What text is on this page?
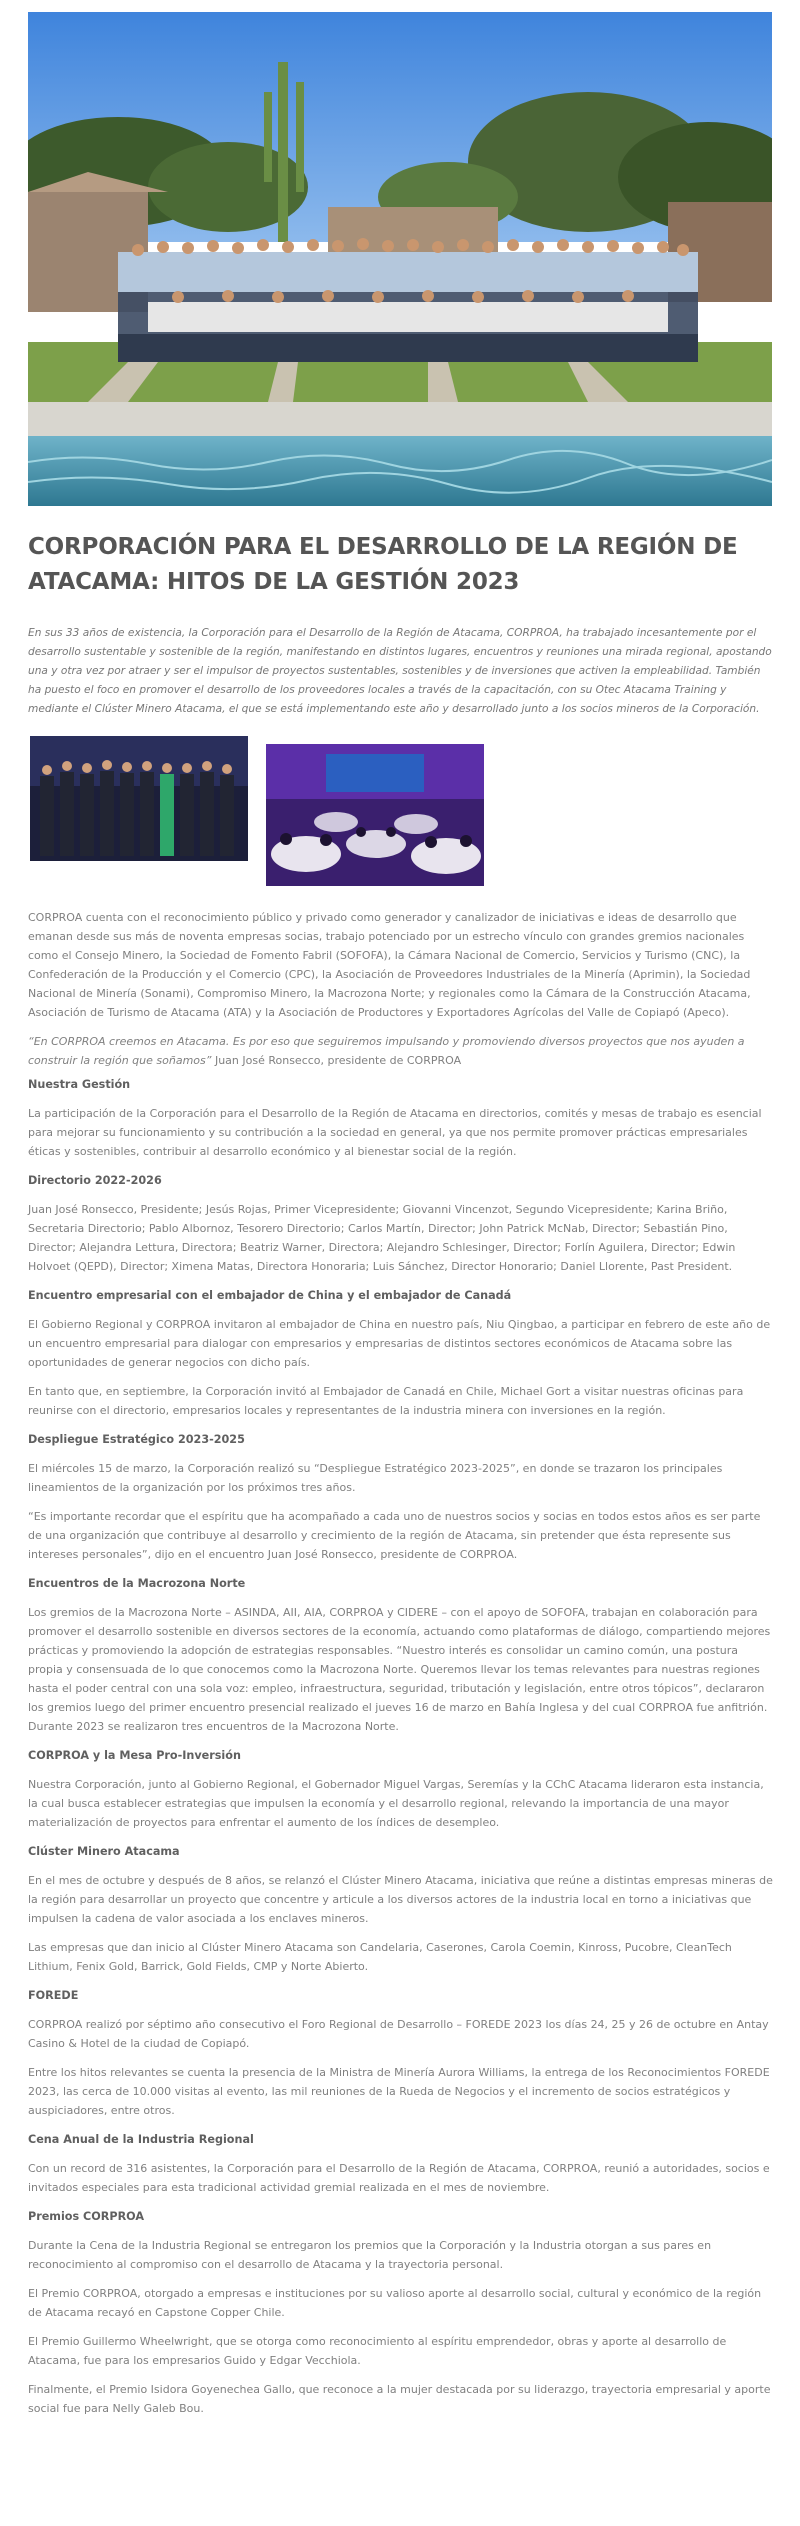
CORPORACIÓN PARA EL DESARROLLO DE LA REGIÓN DE ATACAMA: HITOS DE LA GESTIÓN 2023

En sus 33 años de existencia, la Corporación para el Desarrollo de la Región de Atacama, CORPROA, ha trabajado incesantemente por el desarrollo sustentable y sostenible de la región, manifestando en distintos lugares, encuentros y reuniones una mirada regional, apostando una y otra vez por atraer y ser el impulsor de proyectos sustentables, sostenibles y de inversiones que activen la empleabilidad. También ha puesto el foco en promover el desarrollo de los proveedores locales a través de la capacitación, con su Otec Atacama Training y mediante el Clúster Minero Atacama, el que se está implementando este año y desarrollado junto a los socios mineros de la Corporación.

CORPROA cuenta con el reconocimiento público y privado como generador y canalizador de iniciativas e ideas de desarrollo que emanan desde sus más de noventa empresas socias, trabajo potenciado por un estrecho vínculo con grandes gremios nacionales como el Consejo Minero, la Sociedad de Fomento Fabril (SOFOFA), la Cámara Nacional de Comercio, Servicios y Turismo (CNC), la Confederación de la Producción y el Comercio (CPC), la Asociación de Proveedores Industriales de la Minería (Aprimin), la Sociedad Nacional de Minería (Sonami), Compromiso Minero, la Macrozona Norte; y regionales como la Cámara de la Construcción Atacama, Asociación de Turismo de Atacama (ATA) y la Asociación de Productores y Exportadores Agrícolas del Valle de Copiapó (Apeco).

“En CORPROA creemos en Atacama. Es por eso que seguiremos impulsando y promoviendo diversos proyectos que nos ayuden a construir la región que soñamos” Juan José Ronsecco, presidente de CORPROA

Nuestra Gestión

La participación de la Corporación para el Desarrollo de la Región de Atacama en directorios, comités y mesas de trabajo es esencial para mejorar su funcionamiento y su contribución a la sociedad en general, ya que nos permite promover prácticas empresariales éticas y sostenibles, contribuir al desarrollo económico y al bienestar social de la región.

Directorio 2022-2026

Juan José Ronsecco, Presidente; Jesús Rojas, Primer Vicepresidente; Giovanni Vincenzot, Segundo Vicepresidente; Karina Briño, Secretaria Directorio; Pablo Albornoz, Tesorero Directorio; Carlos Martín, Director; John Patrick McNab, Director; Sebastián Pino, Director; Alejandra Lettura, Directora; Beatriz Warner, Directora; Alejandro Schlesinger, Director; Forlín Aguilera, Director; Edwin Holvoet (QEPD), Director; Ximena Matas, Directora Honoraria; Luis Sánchez, Director Honorario; Daniel Llorente, Past President.

Encuentro empresarial con el embajador de China y el embajador de Canadá

El Gobierno Regional y CORPROA invitaron al embajador de China en nuestro país, Niu Qingbao, a participar en febrero de este año de un encuentro empresarial para dialogar con empresarios y empresarias de distintos sectores económicos de Atacama sobre las oportunidades de generar negocios con dicho país.

En tanto que, en septiembre, la Corporación invitó al Embajador de Canadá en Chile, Michael Gort a visitar nuestras oficinas para reunirse con el directorio, empresarios locales y representantes de la industria minera con inversiones en la región.

Despliegue Estratégico 2023-2025

El miércoles 15 de marzo, la Corporación realizó su “Despliegue Estratégico 2023-2025”, en donde se trazaron los principales lineamientos de la organización por los próximos tres años.

“Es importante recordar que el espíritu que ha acompañado a cada uno de nuestros socios y socias en todos estos años es ser parte de una organización que contribuye al desarrollo y crecimiento de la región de Atacama, sin pretender que ésta represente sus intereses personales”, dijo en el encuentro Juan José Ronsecco, presidente de CORPROA.

Encuentros de la Macrozona Norte

Los gremios de la Macrozona Norte – ASINDA, AII, AIA, CORPROA y CIDERE – con el apoyo de SOFOFA, trabajan en colaboración para promover el desarrollo sostenible en diversos sectores de la economía, actuando como plataformas de diálogo, compartiendo mejores prácticas y promoviendo la adopción de estrategias responsables. “Nuestro interés es consolidar un camino común, una postura propia y consensuada de lo que conocemos como la Macrozona Norte. Queremos llevar los temas relevantes para nuestras regiones hasta el poder central con una sola voz: empleo, infraestructura, seguridad, tributación y legislación, entre otros tópicos”, declararon los gremios luego del primer encuentro presencial realizado el jueves 16 de marzo en Bahía Inglesa y del cual CORPROA fue anfitrión. Durante 2023 se realizaron tres encuentros de la Macrozona Norte.

CORPROA y la Mesa Pro-Inversión

Nuestra Corporación, junto al Gobierno Regional, el Gobernador Miguel Vargas, Seremías y la CChC Atacama lideraron esta instancia, la cual busca establecer estrategias que impulsen la economía y el desarrollo regional, relevando la importancia de una mayor materialización de proyectos para enfrentar el aumento de los índices de desempleo.

Clúster Minero Atacama

En el mes de octubre y después de 8 años, se relanzó el Clúster Minero Atacama, iniciativa que reúne a distintas empresas mineras de la región para desarrollar un proyecto que concentre y articule a los diversos actores de la industria local en torno a iniciativas que impulsen la cadena de valor asociada a los enclaves mineros.

Las empresas que dan inicio al Clúster Minero Atacama son Candelaria, Caserones, Carola Coemin, Kinross, Pucobre, CleanTech Lithium, Fenix Gold, Barrick, Gold Fields, CMP y Norte Abierto.

FOREDE

CORPROA realizó por séptimo año consecutivo el Foro Regional de Desarrollo – FOREDE 2023 los días 24, 25 y 26 de octubre en Antay Casino & Hotel de la ciudad de Copiapó.

Entre los hitos relevantes se cuenta la presencia de la Ministra de Minería Aurora Williams, la entrega de los Reconocimientos FOREDE 2023, las cerca de 10.000 visitas al evento, las mil reuniones de la Rueda de Negocios y el incremento de socios estratégicos y auspiciadores, entre otros.

Cena Anual de la Industria Regional

Con un record de 316 asistentes, la Corporación para el Desarrollo de la Región de Atacama, CORPROA, reunió a autoridades, socios e invitados especiales para esta tradicional actividad gremial realizada en el mes de noviembre.

Premios CORPROA

Durante la Cena de la Industria Regional se entregaron los premios que la Corporación y la Industria otorgan a sus pares en reconocimiento al compromiso con el desarrollo de Atacama y la trayectoria personal.

El Premio CORPROA, otorgado a empresas e instituciones por su valioso aporte al desarrollo social, cultural y económico de la región de Atacama recayó en Capstone Copper Chile.

El Premio Guillermo Wheelwright, que se otorga como reconocimiento al espíritu emprendedor, obras y aporte al desarrollo de Atacama, fue para los empresarios Guido y Edgar Vecchiola.

Finalmente, el Premio Isidora Goyenechea Gallo, que reconoce a la mujer destacada por su liderazgo, trayectoria empresarial y aporte social fue para Nelly Galeb Bou.
